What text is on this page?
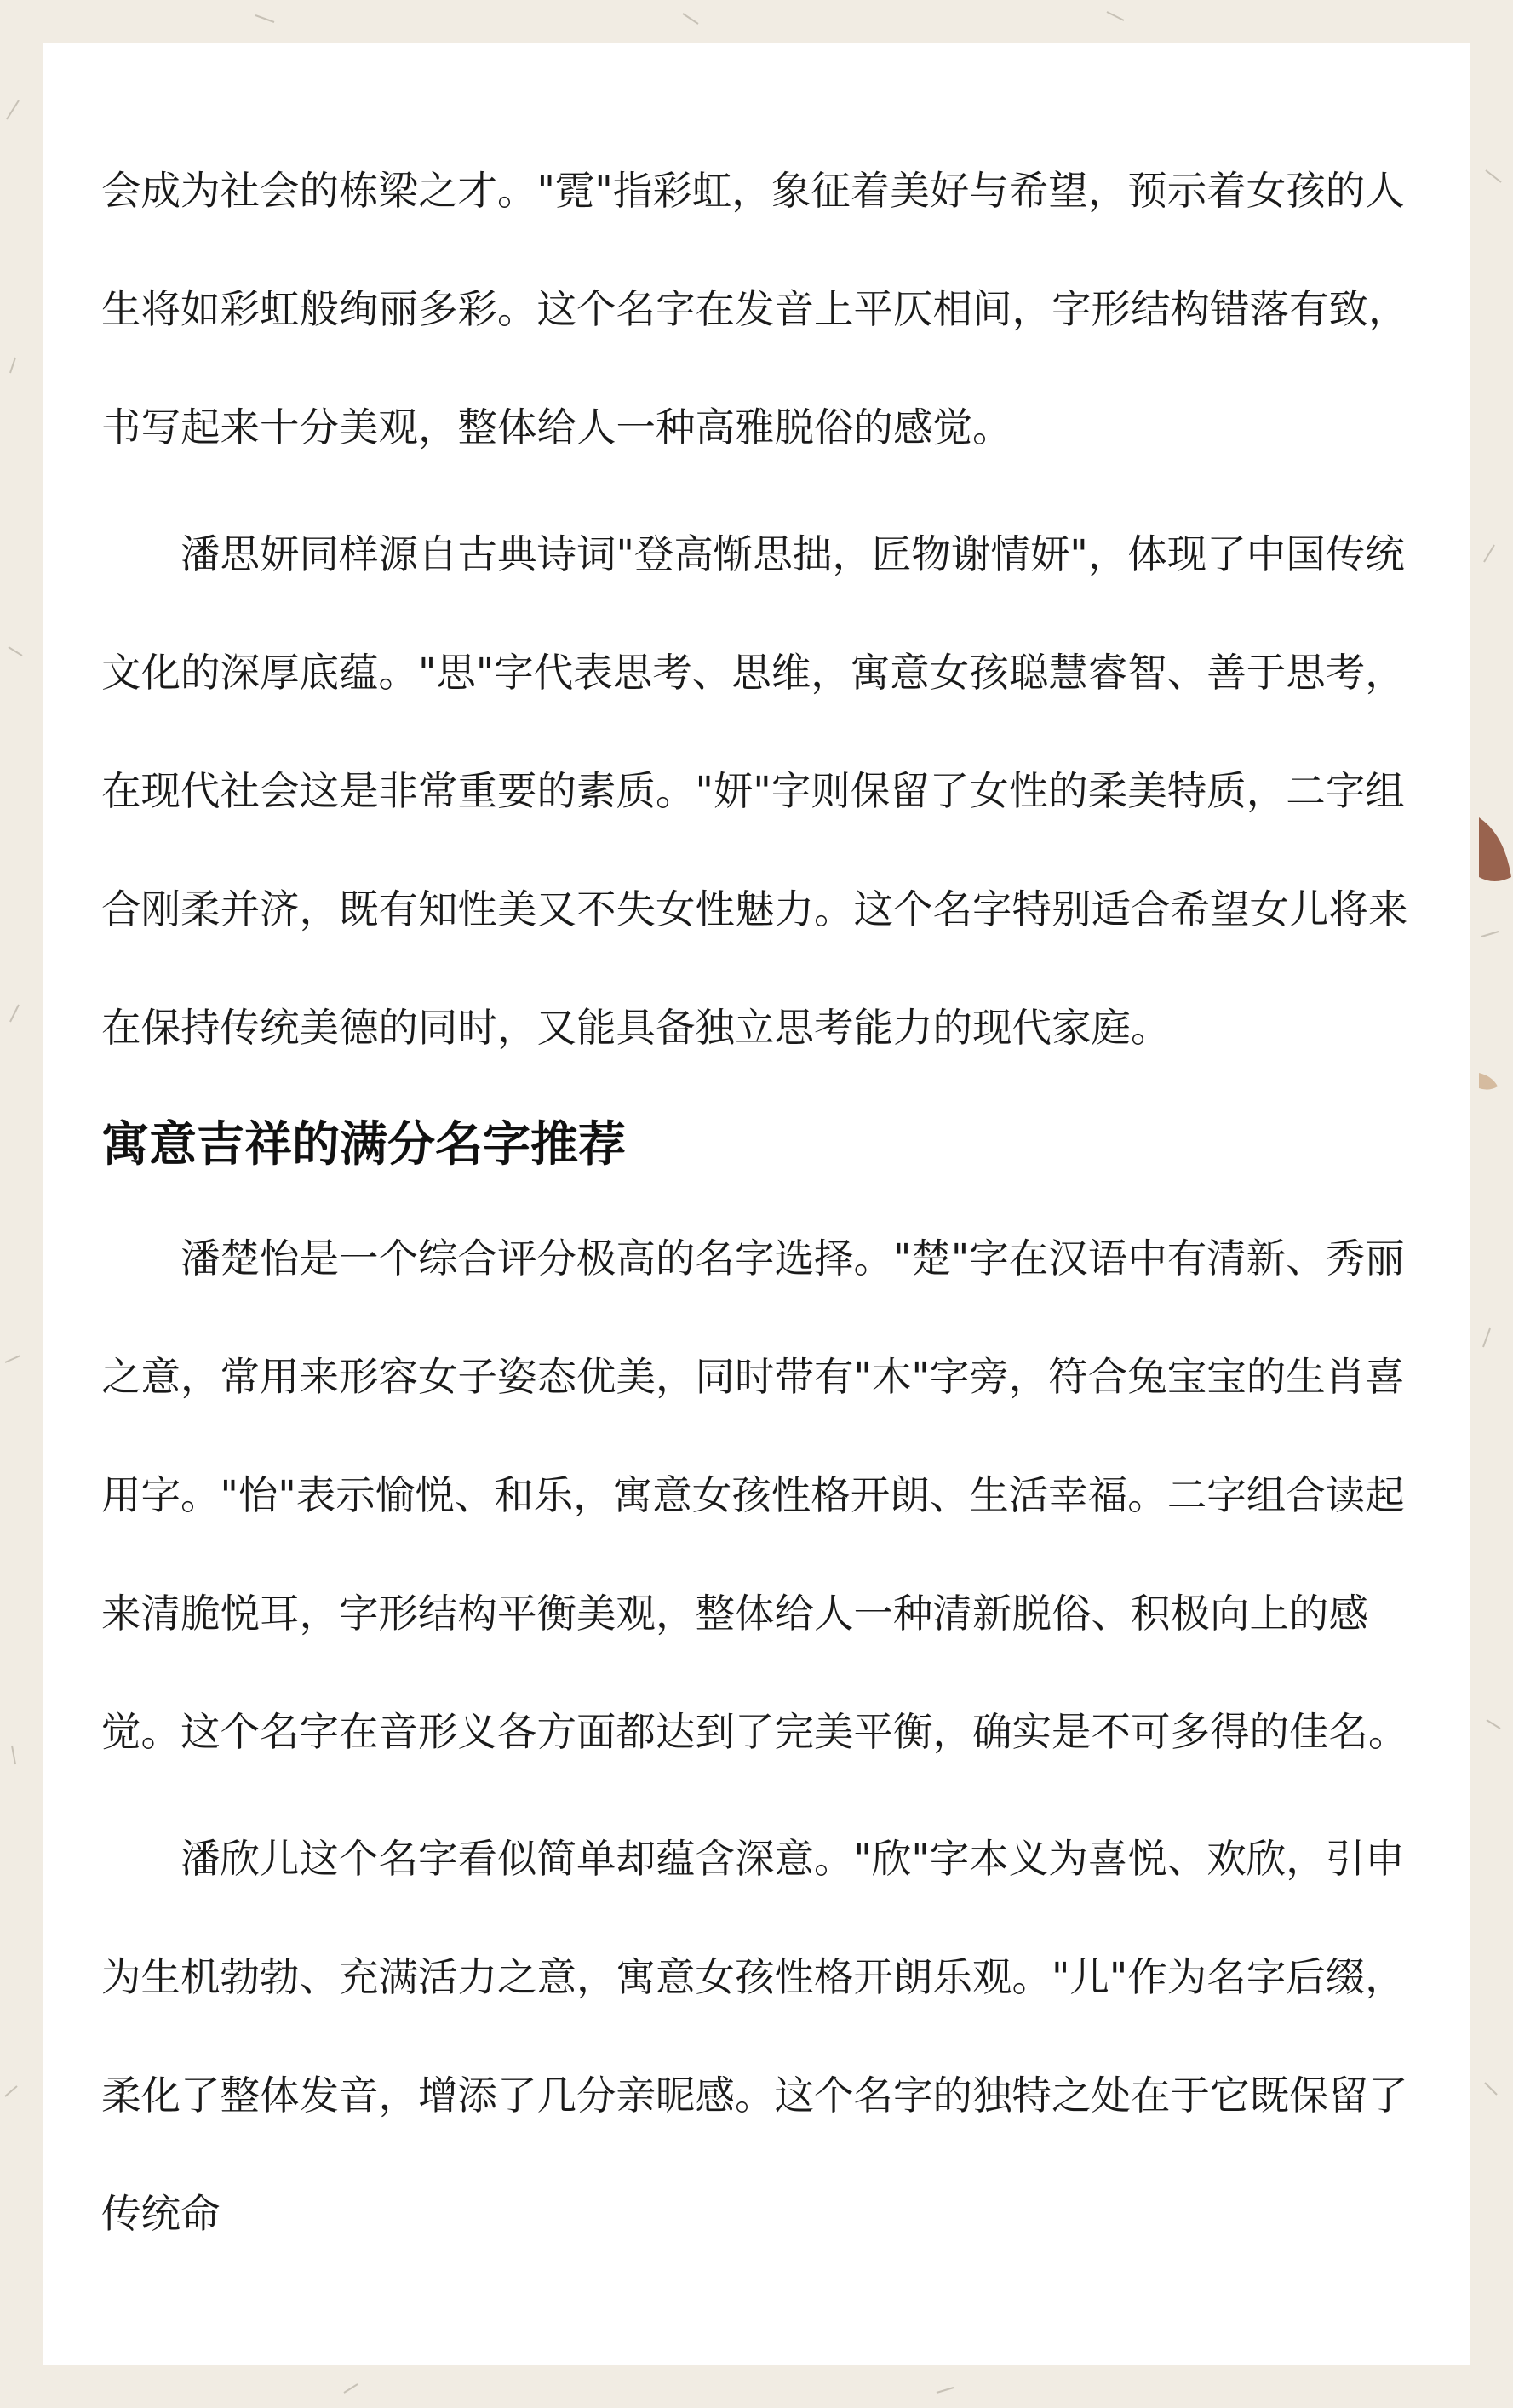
会成为社会的栋梁之才。"霓"指彩虹，象征着美好与希望，预示着女孩的人生将如彩虹般绚丽多彩。这个名字在发音上平仄相间，字形结构错落有致，书写起来十分美观，整体给人一种高雅脱俗的感觉。

潘思妍同样源自古典诗词"登高惭思拙，匠物谢情妍"，体现了中国传统文化的深厚底蕴。"思"字代表思考、思维，寓意女孩聪慧睿智、善于思考，在现代社会这是非常重要的素质。"妍"字则保留了女性的柔美特质，二字组合刚柔并济，既有知性美又不失女性魅力。这个名字特别适合希望女儿将来在保持传统美德的同时，又能具备独立思考能力的现代家庭。

寓意吉祥的满分名字推荐

潘楚怡是一个综合评分极高的名字选择。"楚"字在汉语中有清新、秀丽之意，常用来形容女子姿态优美，同时带有"木"字旁，符合兔宝宝的生肖喜用字。"怡"表示愉悦、和乐，寓意女孩性格开朗、生活幸福。二字组合读起来清脆悦耳，字形结构平衡美观，整体给人一种清新脱俗、积极向上的感觉。这个名字在音形义各方面都达到了完美平衡，确实是不可多得的佳名。

潘欣儿这个名字看似简单却蕴含深意。"欣"字本义为喜悦、欢欣，引申为生机勃勃、充满活力之意，寓意女孩性格开朗乐观。"儿"作为名字后缀，柔化了整体发音，增添了几分亲昵感。这个名字的独特之处在于它既保留了传统命
